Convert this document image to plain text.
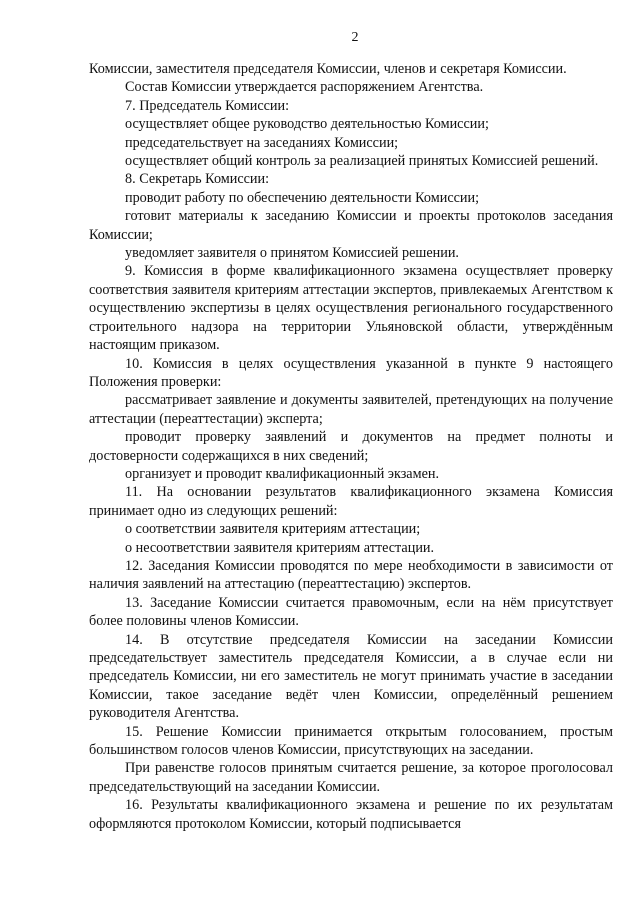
2

Комиссии, заместителя председателя Комиссии, членов и секретаря Комиссии.

Состав Комиссии утверждается распоряжением Агентства.

7. Председатель Комиссии:

осуществляет общее руководство деятельностью Комиссии;

председательствует на заседаниях Комиссии;

осуществляет общий контроль за реализацией принятых Комиссией решений.

8. Секретарь Комиссии:

проводит работу по обеспечению деятельности Комиссии;

готовит материалы к заседанию Комиссии и проекты протоколов заседания Комиссии;

уведомляет заявителя о принятом Комиссией решении.

9. Комиссия в форме квалификационного экзамена осуществляет проверку соответствия заявителя критериям аттестации экспертов, привлекаемых Агентством к осуществлению экспертизы в целях осуществления регионального государственного строительного надзора на территории Ульяновской области, утверждённым настоящим приказом.

10. Комиссия в целях осуществления указанной в пункте 9 настоящего Положения проверки:

рассматривает заявление и документы заявителей, претендующих на получение аттестации (переаттестации) эксперта;

проводит проверку заявлений и документов на предмет полноты и достоверности содержащихся в них сведений;

организует и проводит квалификационный экзамен.

11. На основании результатов квалификационного экзамена Комиссия принимает одно из следующих решений:

о соответствии заявителя критериям аттестации;

о несоответствии заявителя критериям аттестации.

12. Заседания Комиссии проводятся по мере необходимости в зависимости от наличия заявлений на аттестацию (переаттестацию) экспертов.

13. Заседание Комиссии считается правомочным, если на нём присутствует более половины членов Комиссии.

14. В отсутствие председателя Комиссии на заседании Комиссии председательствует заместитель председателя Комиссии, а в случае если ни председатель Комиссии, ни его заместитель не могут принимать участие в заседании Комиссии, такое заседание ведёт член Комиссии, определённый решением руководителя Агентства.

15. Решение Комиссии принимается открытым голосованием, простым большинством голосов членов Комиссии, присутствующих на заседании.

При равенстве голосов принятым считается решение, за которое проголосовал председательствующий на заседании Комиссии.

16. Результаты квалификационного экзамена и решение по их результатам оформляются протоколом Комиссии, который подписывается
